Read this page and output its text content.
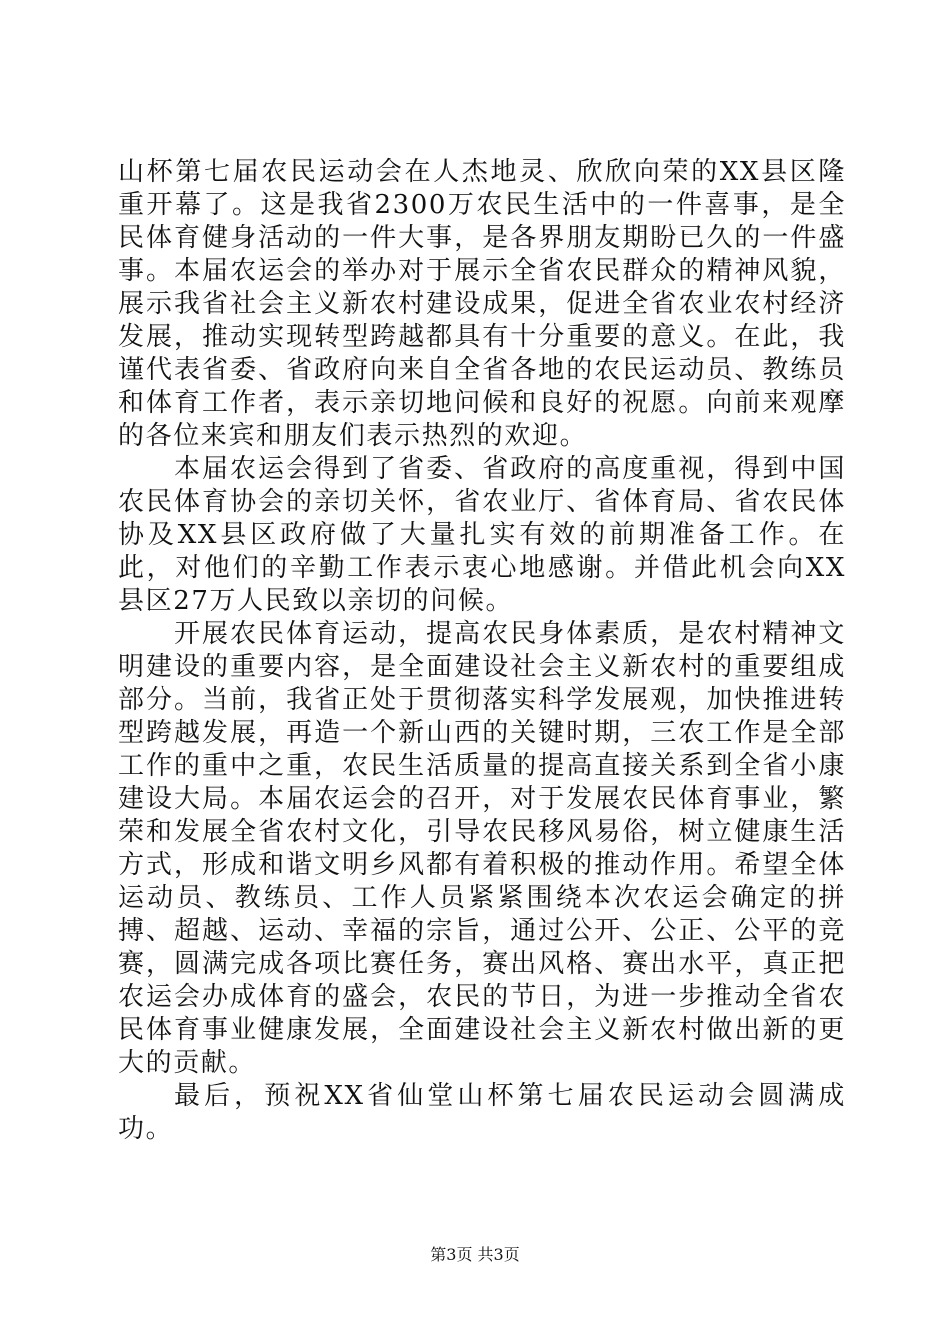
山杯第七届农民运动会在人杰地灵、欣欣向荣的XX县区隆重开幕了。这是我省2300万农民生活中的一件喜事，是全民体育健身活动的一件大事，是各界朋友期盼已久的一件盛事。本届农运会的举办对于展示全省农民群众的精神风貌，展示我省社会主义新农村建设成果，促进全省农业农村经济发展，推动实现转型跨越都具有十分重要的意义。在此，我谨代表省委、省政府向来自全省各地的农民运动员、教练员和体育工作者，表示亲切地问候和良好的祝愿。向前来观摩的各位来宾和朋友们表示热烈的欢迎。

本届农运会得到了省委、省政府的高度重视，得到中国农民体育协会的亲切关怀，省农业厅、省体育局、省农民体协及XX县区政府做了大量扎实有效的前期准备工作。在此，对他们的辛勤工作表示衷心地感谢。并借此机会向XX县区27万人民致以亲切的问候。

开展农民体育运动，提高农民身体素质，是农村精神文明建设的重要内容，是全面建设社会主义新农村的重要组成部分。当前，我省正处于贯彻落实科学发展观，加快推进转型跨越发展，再造一个新山西的关键时期，三农工作是全部工作的重中之重，农民生活质量的提高直接关系到全省小康建设大局。本届农运会的召开，对于发展农民体育事业，繁荣和发展全省农村文化，引导农民移风易俗，树立健康生活方式，形成和谐文明乡风都有着积极的推动作用。希望全体运动员、教练员、工作人员紧紧围绕本次农运会确定的拼搏、超越、运动、幸福的宗旨，通过公开、公正、公平的竞赛，圆满完成各项比赛任务，赛出风格、赛出水平，真正把农运会办成体育的盛会，农民的节日，为进一步推动全省农民体育事业健康发展，全面建设社会主义新农村做出新的更大的贡献。

最后，预祝XX省仙堂山杯第七届农民运动会圆满成功。

第3页 共3页
